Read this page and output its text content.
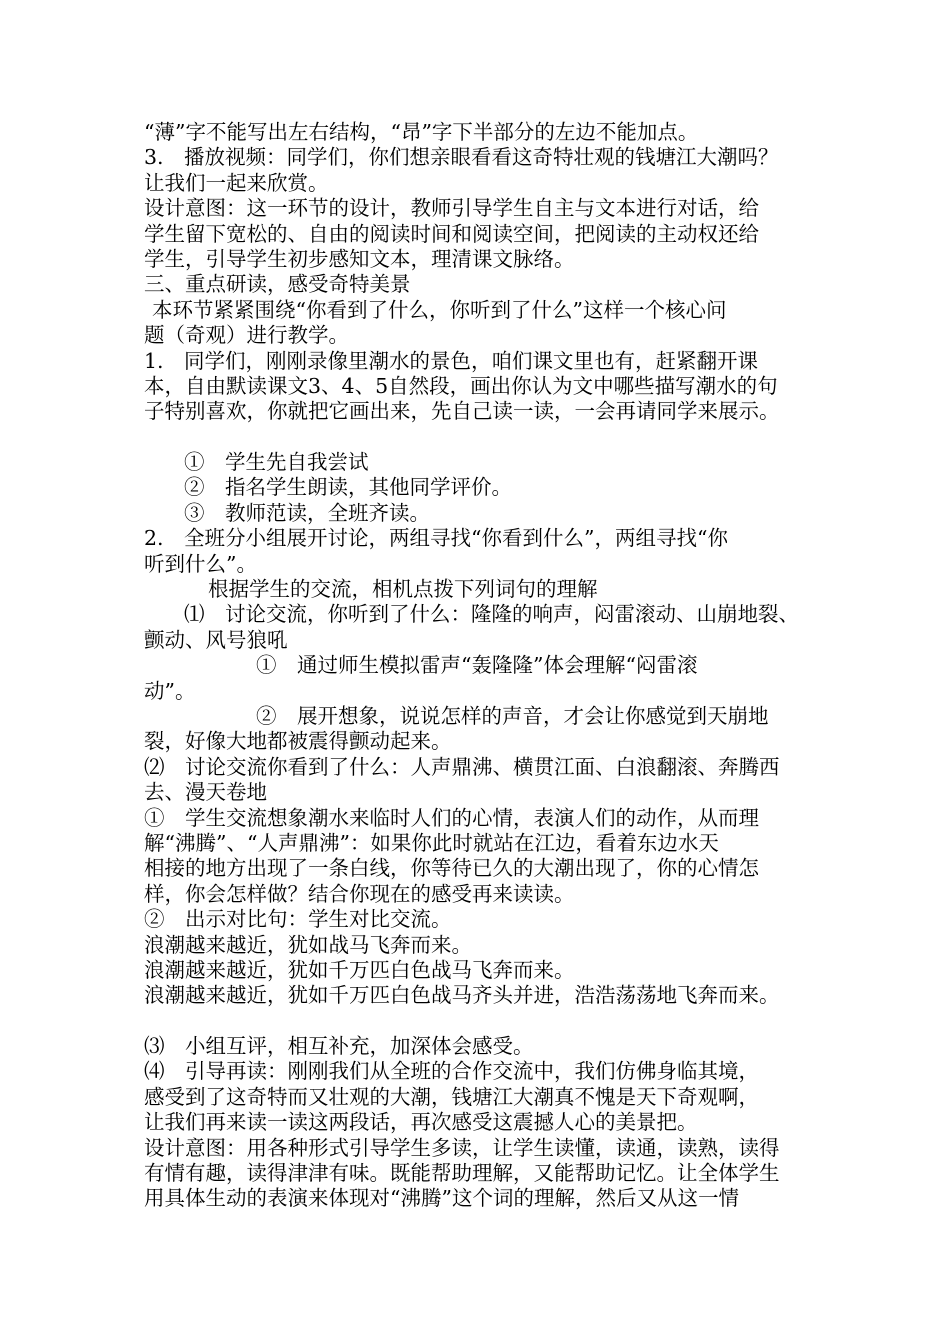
“薄”字不能写出左右结构，“昂”字下半部分的左边不能加点。
3.　播放视频：同学们，你们想亲眼看看这奇特壮观的钱塘江大潮吗？
让我们一起来欣赏。
设计意图：这一环节的设计，教师引导学生自主与文本进行对话，给
学生留下宽松的、自由的阅读时间和阅读空间，把阅读的主动权还给
学生，引导学生初步感知文本，理清课文脉络。
三、重点研读，感受奇特美景
本环节紧紧围绕“你看到了什么，你听到了什么”这样一个核心问
题（奇观）进行教学。
1.　同学们，刚刚录像里潮水的景色，咱们课文里也有，赶紧翻开课
本，自由默读课文3、4、5自然段，画出你认为文中哪些描写潮水的句
子特别喜欢，你就把它画出来，先自己读一读，一会再请同学来展示。
①　学生先自我尝试
②　指名学生朗读，其他同学评价。
③　教师范读，全班齐读。
2.　全班分小组展开讨论，两组寻找“你看到什么”，两组寻找“你
听到什么”。
根据学生的交流，相机点拨下列词句的理解
⑴　讨论交流，你听到了什么：隆隆的响声，闷雷滚动、山崩地裂、
颤动、风号狼吼
①　通过师生模拟雷声“轰隆隆”体会理解“闷雷滚
动”。
②　展开想象，说说怎样的声音，才会让你感觉到天崩地
裂，好像大地都被震得颤动起来。
⑵　讨论交流你看到了什么：人声鼎沸、横贯江面、白浪翻滚、奔腾西
去、漫天卷地
①　学生交流想象潮水来临时人们的心情，表演人们的动作，从而理
解“沸腾”、“人声鼎沸”：如果你此时就站在江边，看着东边水天
相接的地方出现了一条白线，你等待已久的大潮出现了，你的心情怎
样，你会怎样做？结合你现在的感受再来读读。
②　出示对比句：学生对比交流。
浪潮越来越近，犹如战马飞奔而来。
浪潮越来越近，犹如千万匹白色战马飞奔而来。
浪潮越来越近，犹如千万匹白色战马齐头并进，浩浩荡荡地飞奔而来。
⑶　小组互评，相互补充，加深体会感受。
⑷　引导再读：刚刚我们从全班的合作交流中，我们仿佛身临其境，
感受到了这奇特而又壮观的大潮，钱塘江大潮真不愧是天下奇观啊，
让我们再来读一读这两段话，再次感受这震撼人心的美景把。
设计意图：用各种形式引导学生多读，让学生读懂，读通，读熟，读得
有情有趣，读得津津有味。既能帮助理解，又能帮助记忆。让全体学生
用具体生动的表演来体现对“沸腾”这个词的理解，然后又从这一情
